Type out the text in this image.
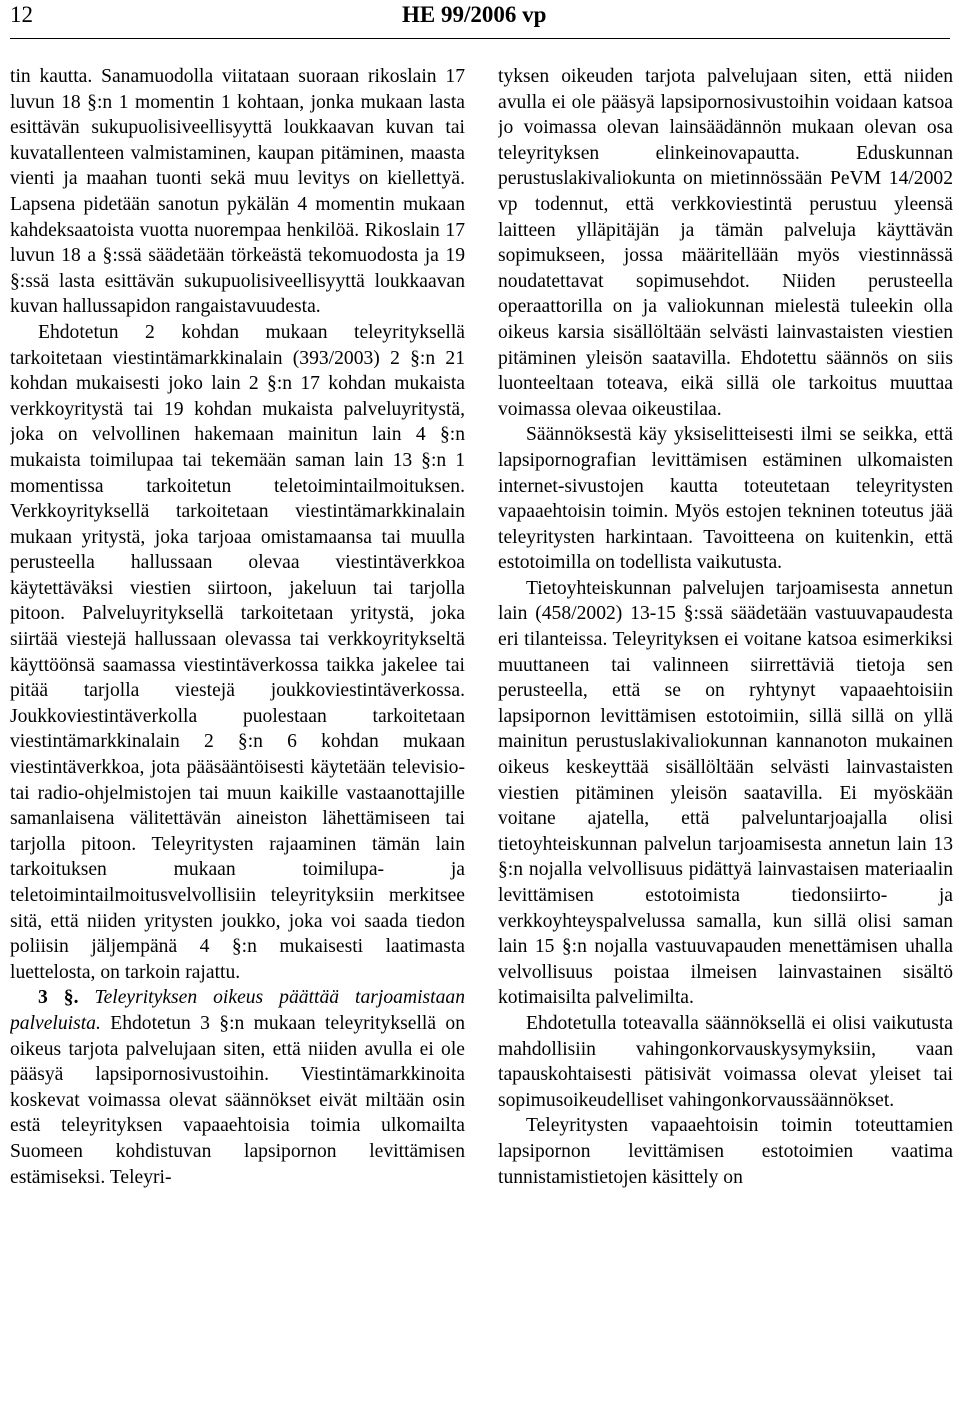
12	HE 99/2006 vp

tin kautta. Sanamuodolla viitataan suoraan rikoslain 17 luvun 18 §:n 1 momentin 1 kohtaan, jonka mukaan lasta esittävän sukupuolisiveellisyyttä loukkaavan kuvan tai kuvatallenteen valmistaminen, kaupan pitäminen, maasta vienti ja maahan tuonti sekä muu levitys on kiellettyä. Lapsena pidetään sanotun pykälän 4 momentin mukaan kahdeksaatoista vuotta nuorempaa henkilöä. Rikoslain 17 luvun 18 a §:ssä säädetään törkeästä tekomuodosta ja 19 §:ssä lasta esittävän sukupuolisiveellisyyttä loukkaavan kuvan hallussapidon rangaistavuudesta.

Ehdotetun 2 kohdan mukaan teleyrityksellä tarkoitetaan viestintämarkkinalain (393/2003) 2 §:n 21 kohdan mukaisesti joko lain 2 §:n 17 kohdan mukaista verkkoyritystä tai 19 kohdan mukaista palveluyritystä, joka on velvollinen hakemaan mainitun lain 4 §:n mukaista toimilupaa tai tekemään saman lain 13 §:n 1 momentissa tarkoitetun teletoimintailmoituksen. Verkkoyrityksellä tarkoitetaan viestintämarkkinalain mukaan yritystä, joka tarjoaa omistamaansa tai muulla perusteella hallussaan olevaa viestintäverkkoa käytettäväksi viestien siirtoon, jakeluun tai tarjolla pitoon. Palveluyrityksellä tarkoitetaan yritystä, joka siirtää viestejä hallussaan olevassa tai verkkoyritykseltä käyttöönsä saamassa viestintäverkossa taikka jakelee tai pitää tarjolla viestejä joukkoviestintäverkossa. Joukkoviestintäverkolla puolestaan tarkoitetaan viestintämarkkinalain 2 §:n 6 kohdan mukaan viestintäverkkoa, jota pääsääntöisesti käytetään televisio- tai radio-ohjelmistojen tai muun kaikille vastaanottajille samanlaisena välitettävän aineiston lähettämiseen tai tarjolla pitoon. Teleyritysten rajaaminen tämän lain tarkoituksen mukaan toimilupa- ja teletoimintailmoitusvelvollisiin teleyrityksiin merkitsee sitä, että niiden yritysten joukko, joka voi saada tiedon poliisin jäljempänä 4 §:n mukaisesti laatimasta luettelosta, on tarkoin rajattu.

3 §. Teleyrityksen oikeus päättää tarjoamistaan palveluista. Ehdotetun 3 §:n mukaan teleyrityksellä on oikeus tarjota palvelujaan siten, että niiden avulla ei ole pääsyä lapsipornosivustoihin. Viestintämarkkinoita koskevat voimassa olevat säännökset eivät miltään osin estä teleyrityksen vapaaehtoisia toimia ulkomailta Suomeen kohdistuvan lapsipornon levittämisen estämiseksi. Teleyri-

tyksen oikeuden tarjota palvelujaan siten, että niiden avulla ei ole pääsyä lapsipornosivustoihin voidaan katsoa jo voimassa olevan lainsäädännön mukaan olevan osa teleyrityksen elinkeinovapautta. Eduskunnan perustuslakivaliokunta on mietinnössään PeVM 14/2002 vp todennut, että verkkoviestintä perustuu yleensä laitteen ylläpitäjän ja tämän palveluja käyttävän sopimukseen, jossa määritellään myös viestinnässä noudatettavat sopimusehdot. Niiden perusteella operaattorilla on ja valiokunnan mielestä tuleekin olla oikeus karsia sisällöltään selvästi lainvastaisten viestien pitäminen yleisön saatavilla. Ehdotettu säännös on siis luonteeltaan toteava, eikä sillä ole tarkoitus muuttaa voimassa olevaa oikeustilaa.

Säännöksestä käy yksiselitteisesti ilmi se seikka, että lapsipornografian levittämisen estäminen ulkomaisten internet-sivustojen kautta toteutetaan teleyritysten vapaaehtoisin toimin. Myös estojen tekninen toteutus jää teleyritysten harkintaan. Tavoitteena on kuitenkin, että estotoimilla on todellista vaikutusta.

Tietoyhteiskunnan palvelujen tarjoamisesta annetun lain (458/2002) 13-15 §:ssä säädetään vastuuvapaudesta eri tilanteissa. Teleyrityksen ei voitane katsoa esimerkiksi muuttaneen tai valinneen siirrettäviä tietoja sen perusteella, että se on ryhtynyt vapaaehtoisiin lapsipornon levittämisen estotoimiin, sillä sillä on yllä mainitun perustuslakivaliokunnan kannanoton mukainen oikeus keskeyttää sisällöltään selvästi lainvastaisten viestien pitäminen yleisön saatavilla. Ei myöskään voitane ajatella, että palveluntarjoajalla olisi tietoyhteiskunnan palvelun tarjoamisesta annetun lain 13 §:n nojalla velvollisuus pidättyä lainvastaisen materiaalin levittämisen estotoimista tiedonsiirto- ja verkkoyhteyspalvelussa samalla, kun sillä olisi saman lain 15 §:n nojalla vastuuvapauden menettämisen uhalla velvollisuus poistaa ilmeisen lainvastainen sisältö kotimaisilta palvelimilta.

Ehdotetulla toteavalla säännöksellä ei olisi vaikutusta mahdollisiin vahingonkorvauskysymyksiin, vaan tapauskohtaisesti pätisivät voimassa olevat yleiset tai sopimusoikeudelliset vahingonkorvaussäännökset.

Teleyritysten vapaaehtoisin toimin toteuttamien lapsipornon levittämisen estotoimien vaatima tunnistamistietojen käsittely on
